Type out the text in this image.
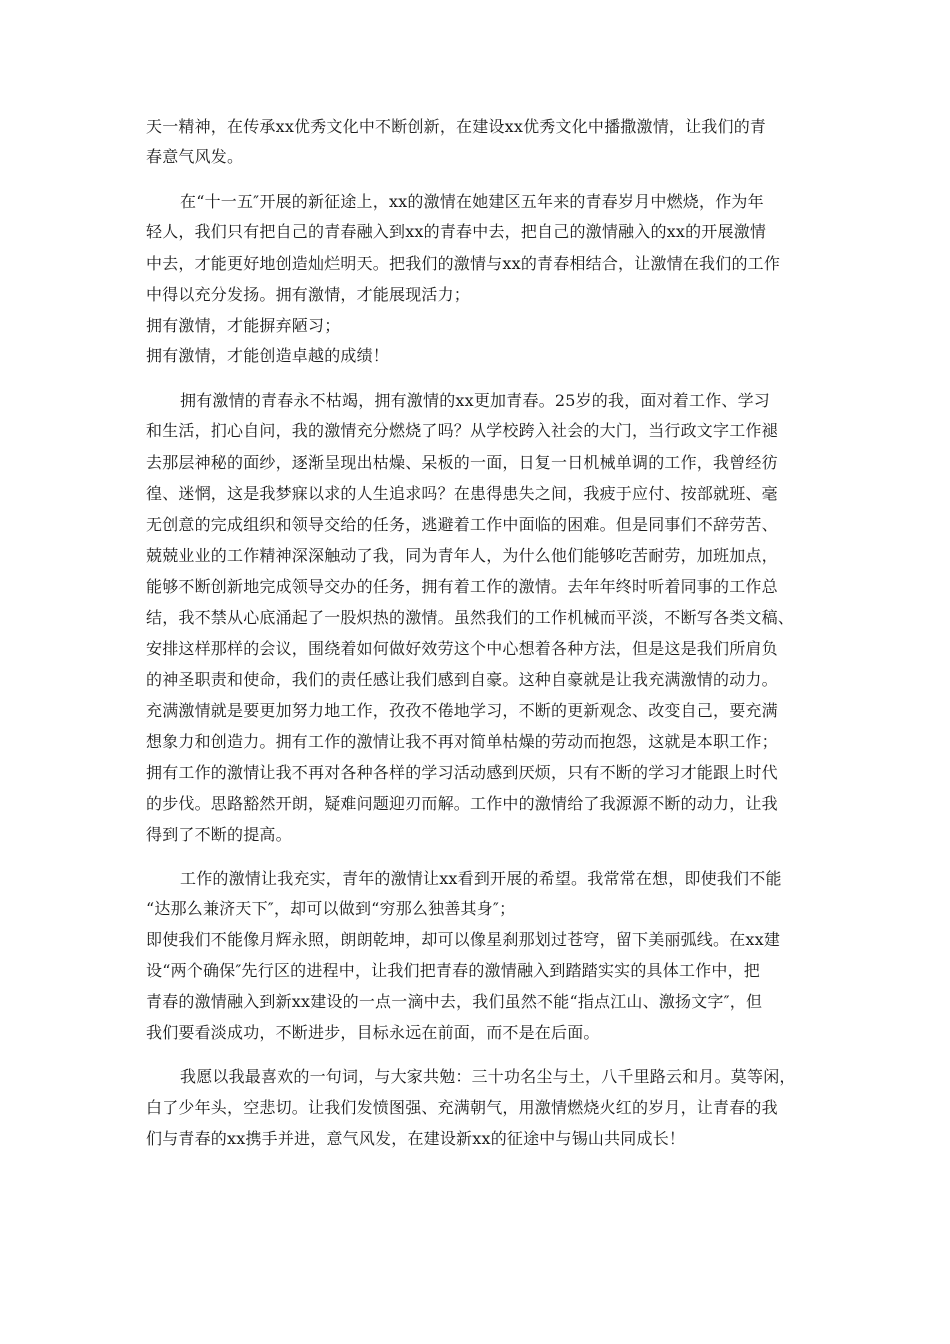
天一精神，在传承xx优秀文化中不断创新，在建设xx优秀文化中播撒激情，让我们的青
春意气风发。
在“十一五″开展的新征途上，xx的激情在她建区五年来的青春岁月中燃烧，作为年
轻人，我们只有把自己的青春融入到xx的青春中去，把自己的激情融入的xx的开展激情
中去，才能更好地创造灿烂明天。把我们的激情与xx的青春相结合，让激情在我们的工作
中得以充分发扬。拥有激情，才能展现活力；
拥有激情，才能摒弃陋习；
拥有激情，才能创造卓越的成绩！
拥有激情的青春永不枯竭，拥有激情的xx更加青春。25岁的我，面对着工作、学习
和生活，扪心自问，我的激情充分燃烧了吗？从学校跨入社会的大门，当行政文字工作褪
去那层神秘的面纱，逐渐呈现出枯燥、呆板的一面，日复一日机械单调的工作，我曾经彷
徨、迷惘，这是我梦寐以求的人生追求吗？在患得患失之间，我疲于应付、按部就班、毫
无创意的完成组织和领导交给的任务，逃避着工作中面临的困难。但是同事们不辞劳苦、
兢兢业业的工作精神深深触动了我，同为青年人，为什么他们能够吃苦耐劳，加班加点，
能够不断创新地完成领导交办的任务，拥有着工作的激情。去年年终时听着同事的工作总
结，我不禁从心底涌起了一股炽热的激情。虽然我们的工作机械而平淡，不断写各类文稿、
安排这样那样的会议，围绕着如何做好效劳这个中心想着各种方法，但是这是我们所肩负
的神圣职责和使命，我们的责任感让我们感到自豪。这种自豪就是让我充满激情的动力。
充满激情就是要更加努力地工作，孜孜不倦地学习，不断的更新观念、改变自己，要充满
想象力和创造力。拥有工作的激情让我不再对简单枯燥的劳动而抱怨，这就是本职工作；
拥有工作的激情让我不再对各种各样的学习活动感到厌烦，只有不断的学习才能跟上时代
的步伐。思路豁然开朗，疑难问题迎刃而解。工作中的激情给了我源源不断的动力，让我
得到了不断的提高。
工作的激情让我充实，青年的激情让xx看到开展的希望。我常常在想，即使我们不能
“达那么兼济天下″，却可以做到“穷那么独善其身″；
即使我们不能像月辉永照，朗朗乾坤，却可以像星刹那划过苍穹，留下美丽弧线。在xx建
设“两个确保″先行区的进程中，让我们把青春的激情融入到踏踏实实的具体工作中，把
青春的激情融入到新xx建设的一点一滴中去，我们虽然不能“指点江山、激扬文字″，但
我们要看淡成功，不断进步，目标永远在前面，而不是在后面。
我愿以我最喜欢的一句词，与大家共勉：三十功名尘与土，八千里路云和月。莫等闲，
白了少年头，空悲切。让我们发愤图强、充满朝气，用激情燃烧火红的岁月，让青春的我
们与青春的xx携手并进，意气风发，在建设新xx的征途中与锡山共同成长！
